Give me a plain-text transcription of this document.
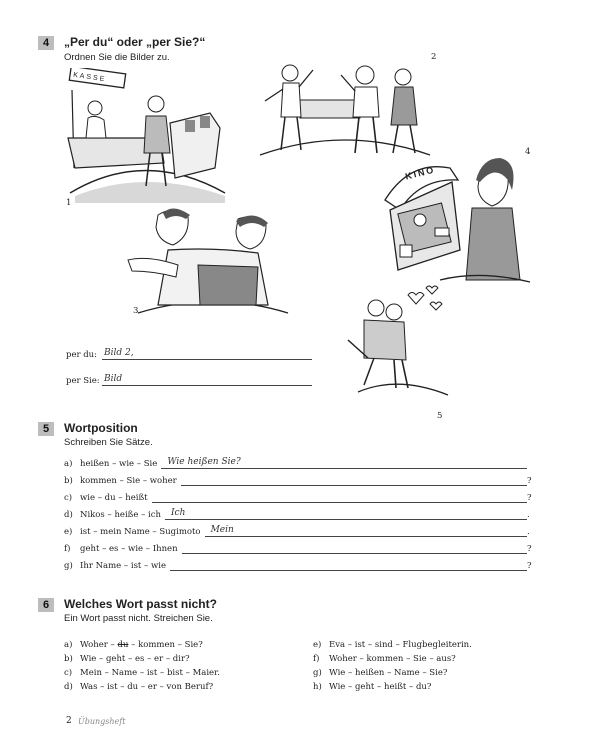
4	„Per du“ oder „per Sie?“
Ordnen Sie die Bilder zu.
KASSE
1
2
3
KINO
4
5
per du: Bild 2,
per Sie: Bild
5	Wortposition
Schreiben Sie Sätze.
a) heißen – wie – Sie Wie heißen Sie?
b) kommen – Sie – woher	?
c) wie – du – heißt	?
d) Nikos – heiße – ich Ich	.
e) ist – mein Name – Sugimoto Mein	.
f) geht – es – wie – Ihnen	?
g) Ihr Name – ist – wie	?
6	Welches Wort passt nicht?
Ein Wort passt nicht. Streichen Sie.
a) Woher – du – kommen – Sie?
b) Wie – geht – es – er – dir?
c) Mein – Name – ist – bist – Maier.
d) Was – ist – du – er – von Beruf?
e) Eva – ist – sind – Flugbegleiterin.
f) Woher – kommen – Sie – aus?
g) Wie – heißen – Name – Sie?
h) Wie – geht – heißt – du?
2 Übungsheft
